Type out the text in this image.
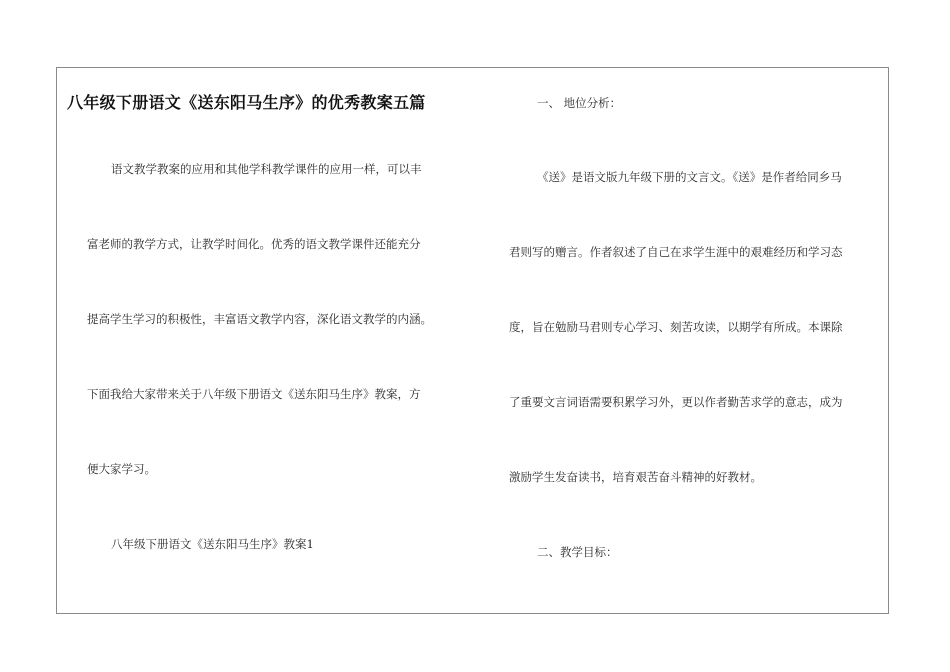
八年级下册语文《送东阳马生序》的优秀教案五篇
语文教学教案的应用和其他学科教学课件的应用一样，可以丰
富老师的教学方式，让教学时间化。优秀的语文教学课件还能充分
提高学生学习的积极性，丰富语文教学内容，深化语文教学的内涵。
下面我给大家带来关于八年级下册语文《送东阳马生序》教案，方
便大家学习。
八年级下册语文《送东阳马生序》教案1
一、 地位分析：
《送》是语文版九年级下册的文言文。《送》是作者给同乡马
君则写的赠言。作者叙述了自己在求学生涯中的艰难经历和学习态
度，旨在勉励马君则专心学习、刻苦攻读，以期学有所成。本课除
了重要文言词语需要积累学习外，更以作者勤苦求学的意志，成为
激励学生发奋读书，培育艰苦奋斗精神的好教材。
二、教学目标：
